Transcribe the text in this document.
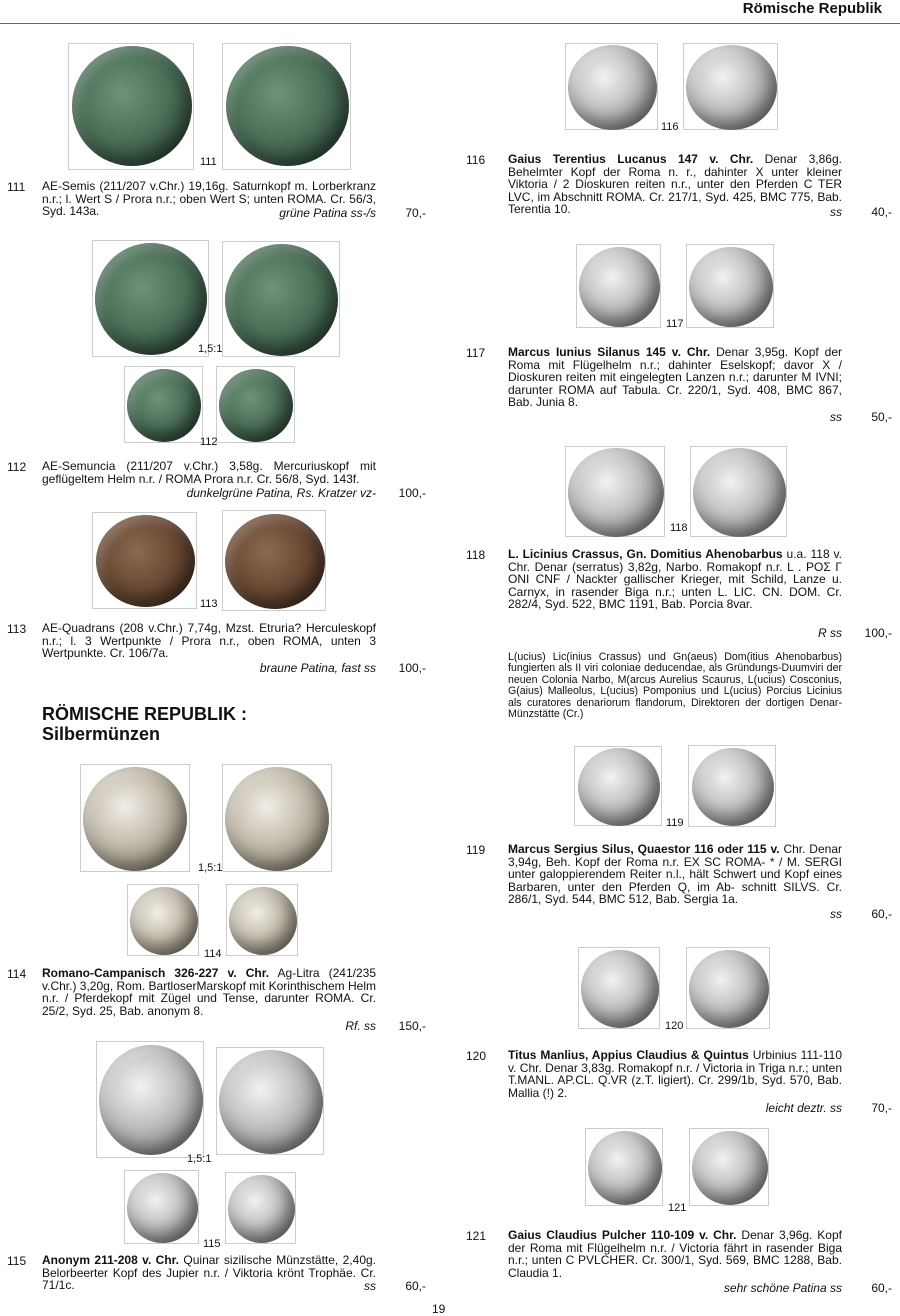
Römische Republik
111
111 AE-Semis (211/207 v.Chr.) 19,16g. Saturnkopf m. Lorberkranz n.r.; l. Wert S / Prora n.r.; oben Wert S; unten ROMA. Cr. 56/3, Syd. 143a.	grüne Patina ss-/s 70,-
1,5:1
112
112 AE-Semuncia (211/207 v.Chr.) 3,58g. Mercuriuskopf mit geflügeltem Helm n.r. / ROMA Prora n.r. Cr. 56/8, Syd. 143f.
dunkelgrüne Patina, Rs. Kratzer vz- 100,-
113
113 AE-Quadrans (208 v.Chr.) 7,74g, Mzst. Etruria? Herculeskopf n.r.; l. 3 Wertpunkte / Prora n.r., oben ROMA, unten 3 Wertpunkte. Cr. 106/7a.
braune Patina, fast ss 100,-
RÖMISCHE REPUBLIK :
Silbermünzen
1,5:1
114
114 Romano-Campanisch 326-227 v. Chr. Ag-Litra (241/235 v.Chr.) 3,20g, Rom. BartloserMarskopf mit Korinthischem Helm n.r. / Pferdekopf mit Zügel und Tense, darunter ROMA. Cr. 25/2, Syd. 25, Bab. anonym 8.
Rf. ss 150,-
1,5:1
115
115 Anonym 211-208 v. Chr. Quinar sizilische Münzstätte, 2,40g. Belorbeerter Kopf des Jupier n.r. / Viktoria krönt Trophäe. Cr. 71/1c.	ss 60,-
116
116 Gaius Terentius Lucanus 147 v. Chr. Denar 3,86g. Behelmter Kopf der Roma n. r., dahinter X unter kleiner Viktoria / 2 Dioskuren reiten n.r., unter den Pferden C TER LVC, im Abschnitt ROMA. Cr. 217/1, Syd. 425, BMC 775, Bab. Terentia 10.	ss 40,-
117
117 Marcus Iunius Silanus 145 v. Chr. Denar 3,95g. Kopf der Roma mit Flügelhelm n.r.; dahinter Eselskopf; davor X / Dioskuren reiten mit eingelegten Lanzen n.r.; darunter M IVNI; darunter ROMA auf Tabula. Cr. 220/1, Syd. 408, BMC 867, Bab. Junia 8.
ss 50,-
118
118 L. Licinius Crassus, Gn. Domitius Ahenobarbus u.a. 118 v. Chr. Denar (serratus) 3,82g, Narbo. Romakopf n.r. L . ΡΟΣ Γ ONI CNF / Nackter gallischer Krieger, mit Schild, Lanze u. Carnyx, in rasender Biga n.r.; unten L. LIC. CN. DOM. Cr. 282/4, Syd. 522, BMC 1191, Bab. Porcia 8var.
R ss 100,-
L(ucius) Lic(inius Crassus) und Gn(aeus) Dom(itius Ahenobarbus) fungierten als II viri coloniae deducendae, als Gründungs-Duumviri der neuen Colonia Narbo, M(arcus Aurelius Scaurus, L(ucius) Cosconius, G(aius) Malleolus, L(ucius) Pomponius und L(ucius) Porcius Licinius als curatores denariorum flandorum, Direktoren der dortigen Denar-Münzstätte (Cr.)
119
119 Marcus Sergius Silus, Quaestor 116 oder 115 v. Chr. Denar 3,94g, Beh. Kopf der Roma n.r. EX SC ROMA- * / M. SERGI unter galoppierendem Reiter n.l., hält Schwert und Kopf eines Barbaren, unter den Pferden Q, im Ab- schnitt SILVS. Cr. 286/1, Syd. 544, BMC 512, Bab. Sergia 1a.
ss 60,-
120
120 Titus Manlius, Appius Claudius & Quintus Urbinius 111-110 v. Chr. Denar 3,83g. Romakopf n.r. / Victoria in Triga n.r.; unten T.MANL. AP.CL. Q.VR (z.T. ligiert). Cr. 299/1b, Syd. 570, Bab. Mallia (!) 2.
leicht deztr. ss 70,-
121
121 Gaius Claudius Pulcher 110-109 v. Chr. Denar 3,96g. Kopf der Roma mit Flügelhelm n.r. / Victoria fährt in rasender Biga n.r.; unten C PVLCHER. Cr. 300/1, Syd. 569, BMC 1288, Bab. Claudia 1.
sehr schöne Patina ss 60,-
19
